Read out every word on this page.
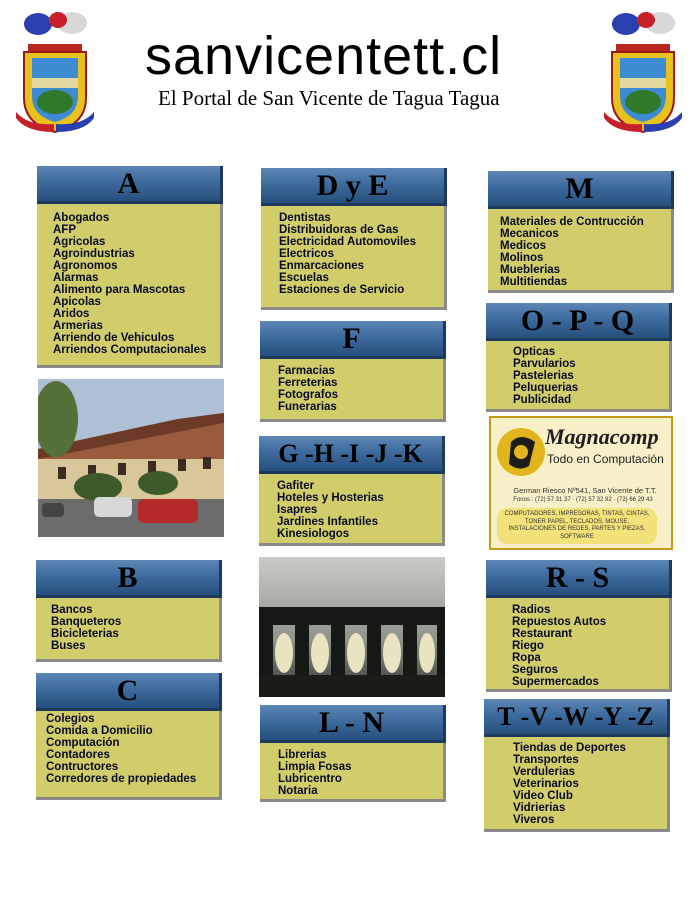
sanvicentett.cl
El Portal de San Vicente de Tagua Tagua
A
Abogados
AFP
Agricolas
Agroindustrias
Agronomos
Alarmas
Alimento para Mascotas
Apicolas
Aridos
Armerias
Arriendo de Vehiculos
Arriendos Computacionales
B
Bancos
Banqueteros
Bicicleterias
Buses
C
Colegios
Comida a Domicilio
Computación
Contadores
Contructores
Corredores de propiedades
D y E
Dentistas
Distribuidoras de Gas
Electricidad Automoviles
Electricos
Enmarcaciones
Escuelas
Estaciones de Servicio
F
Farmacias
Ferreterias
Fotografos
Funerarias
G -H -I -J -K
Gafiter
Hoteles y Hosterias
Isapres
Jardines Infantiles
Kinesiologos
L - N
Librerias
Limpia Fosas
Lubricentro
Notaria
M
Materiales de Contrucción
Mecanicos
Medicos
Molinos
Mueblerias
Multitiendas
O - P - Q
Opticas
Parvularios
Pastelerias
Peluquerias
Publicidad
Magnacomp
Todo en Computación
German Riesco Nº541, San Vicente de T.T.
Fonos : (72) 57 31 37 · (72) 57 32 82 · (72) 66 29 43
COMPUTADORES, IMPRESORAS, TINTAS, CINTAS, TONER PAPEL, TECLADOS, MOUSE, INSTALACIONES DE REDES, PARTES Y PIEZAS, SOFTWARE
R - S
Radios
Repuestos Autos
Restaurant
Riego
Ropa
Seguros
Supermercados
T -V -W -Y -Z
Tiendas de Deportes
Transportes
Verdulerias
Veterinarios
Video Club
Vidrierias
Viveros
